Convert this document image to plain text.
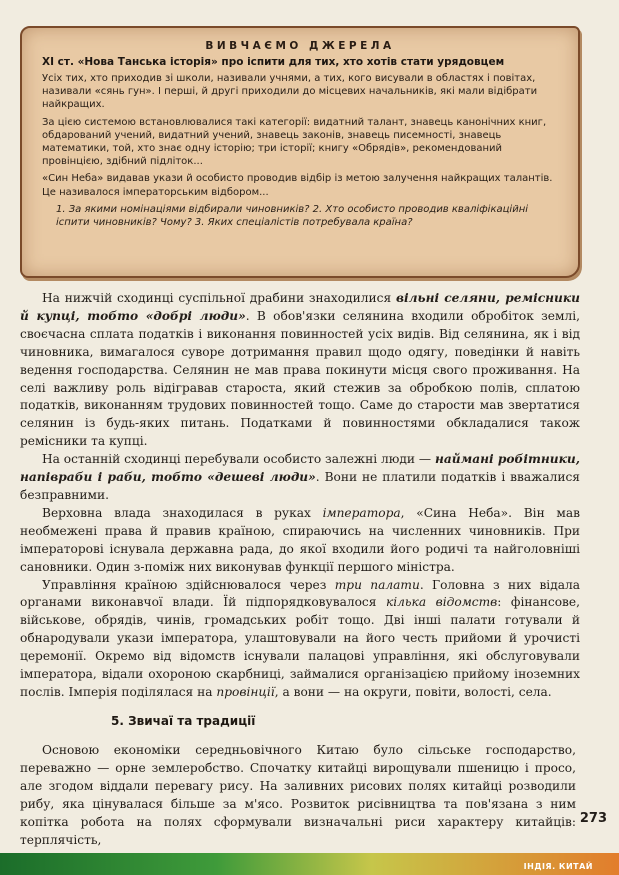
ВИВЧАЄМО ДЖЕРЕЛА

XI ст. «Нова Танська історія» про іспити для тих, хто хотів стати урядовцем

Усіх тих, хто приходив зі школи, називали учнями, а тих, кого висували в областях і повітах, називали «сянь гун». І перші, й другі приходили до місцевих начальників, які мали відібрати найкращих.

За цією системою встановлювалися такі категорії: видатний талант, знавець канонічних книг, обдарований учений, видатний учений, знавець законів, знавець писемності, знавець математики, той, хто знає одну історію; три історії; книгу «Обрядів», рекомендований провінцією, здібний підліток...

«Син Неба» видавав укази й особисто проводив відбір із метою залучення найкращих талантів. Це називалося імператорським відбором...

1. За якими номінаціями відбирали чиновників? 2. Хто особисто проводив кваліфікаційні іспити чиновників? Чому? 3. Яких спеціалістів потребувала країна?

На нижчій сходинці суспільної драбини знаходилися вільні селяни, ремісники й купці, тобто «добрі люди». В обов'язки селянина входили обробіток землі, своєчасна сплата податків і виконання повинностей усіх видів. Від селянина, як і від чиновника, вимагалося суворе дотримання правил щодо одягу, поведінки й навіть ведення господарства. Селянин не мав права покинути місця свого проживання. На селі важливу роль відігравав староста, який стежив за обробкою полів, сплатою податків, виконанням трудових повинностей тощо. Саме до старости мав звертатися селянин із будь-яких питань. Податками й повинностями обкладалися також ремісники та купці.

На останній сходинці перебували особисто залежні люди — наймані робітники, напівраби і раби, тобто «дешеві люди». Вони не платили податків і вважалися безправними.

Верховна влада знаходилася в руках імператора, «Сина Неба». Він мав необмежені права й правив країною, спираючись на численних чиновників. При імператорові існувала державна рада, до якої входили його родичі та найголовніші сановники. Один з-поміж них виконував функції першого міністра.

Управління країною здійснювалося через три палати. Головна з них відала органами виконавчої влади. Їй підпорядковувалося кілька відомств: фінансове, військове, обрядів, чинів, громадських робіт тощо. Дві інші палати готували й обнародували укази імператора, улаштовували на його честь прийоми й урочисті церемонії. Окремо від відомств існували палацові управління, які обслуговували імператора, відали охороною скарбниці, займалися організацією прийому іноземних послів. Імперія поділялася на провінції, а вони — на округи, повіти, волості, села.

5. Звичаї та традиції

Основою економіки середньовічного Китаю було сільське господарство, переважно — орне землеробство. Спочатку китайці вирощували пшеницю і просо, але згодом віддали перевагу рису. На заливних рисових полях китайці розводили рибу, яка цінувалася більше за м'ясо. Розвиток рисівництва та пов'язана з ним копітка робота на полях сформували визначальні риси характеру китайців: терплячість,

273
ІНДІЯ. КИТАЙ
